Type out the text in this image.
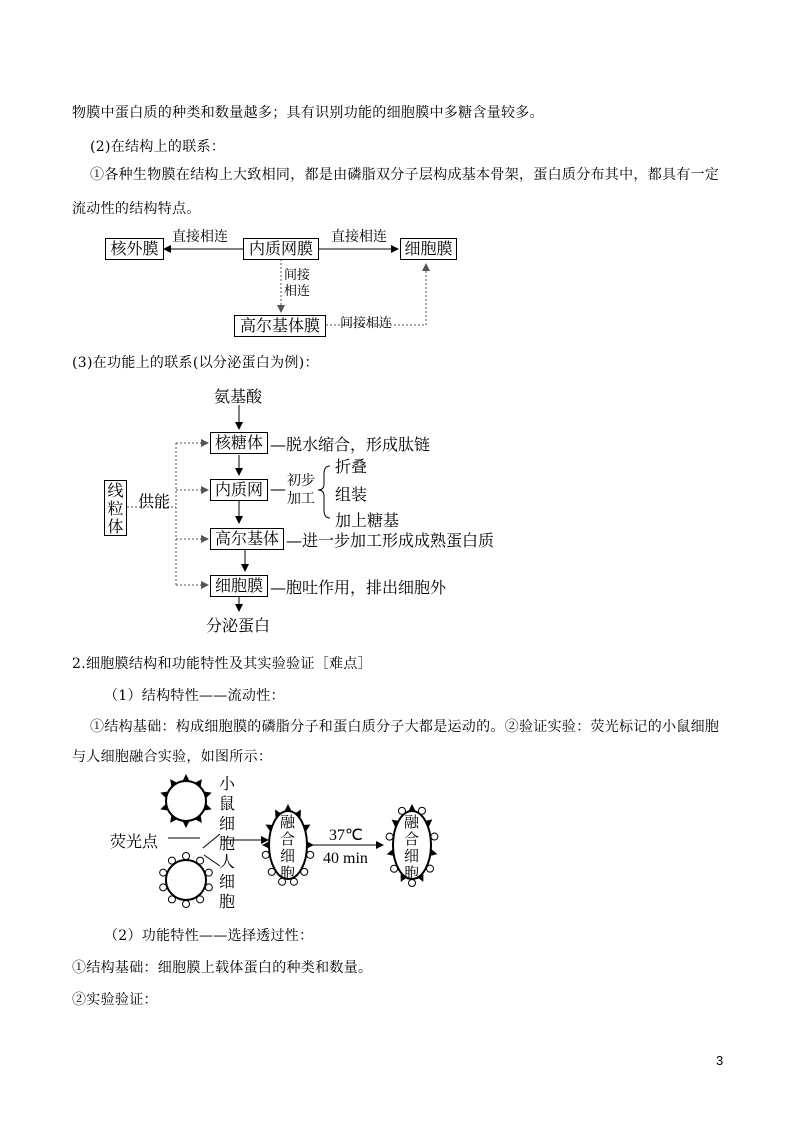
物膜中蛋白质的种类和数量越多；具有识别功能的细胞膜中多糖含量较多。
(2)在结构上的联系：
①各种生物膜在结构上大致相同，都是由磷脂双分子层构成基本骨架，蛋白质分布其中，都具有一定
流动性的结构特点。
核外膜	内质网膜	细胞膜
高尔基体膜
直接相连	直接相连
间接
相连
间接相连
(3)在功能上的联系(以分泌蛋白为例)：
氨基酸
核糖体 —脱水缩合，形成肽链
内质网 — 初步
加工
折叠
组装
加上糖基
高尔基体 —进一步加工形成成熟蛋白质
细胞膜 —胞吐作用，排出细胞外
分泌蛋白
线
粒
体
供能
2.细胞膜结构和功能特性及其实验验证［难点］
（1）结构特性——流动性：
①结构基础：构成细胞膜的磷脂分子和蛋白质分子大都是运动的。②验证实验：荧光标记的小鼠细胞
与人细胞融合实验，如图所示：
小
鼠
细
胞
人
细
胞
荧光点
融
合
细
胞
融
合
细
胞
37℃
40 min
（2）功能特性——选择透过性：
①结构基础：细胞膜上载体蛋白的种类和数量。
②实验验证：
3
